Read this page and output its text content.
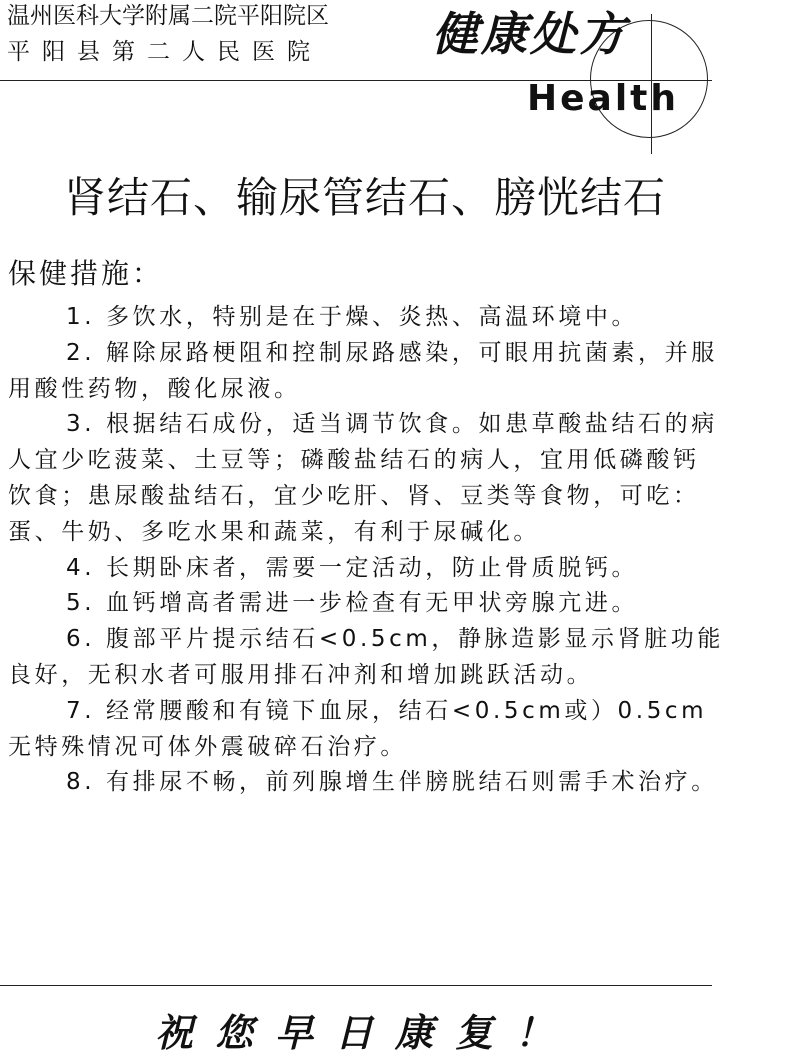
温州医科大学附属二院平阳院区
平阳县第二人民医院 健康处方
Health
肾结石、输尿管结石、膀恍结石
保健措施：

1. 多饮水，特别是在于燥、炎热、高温环境中。

2. 解除尿路梗阻和控制尿路感染，可眼用抗菌素，并服用酸性药物，酸化尿液。

3. 根据结石成份，适当调节饮食。如患草酸盐结石的病人宜少吃菠菜、土豆等；磷酸盐结石的病人，宜用低磷酸钙饮食；患尿酸盐结石，宜少吃肝、肾、豆类等食物，可吃：蛋、牛奶、多吃水果和蔬菜，有利于尿碱化。

4. 长期卧床者，需要一定活动，防止骨质脱钙。

5. 血钙增高者需进一步检查有无甲状旁腺亢进。

6. 腹部平片提示结石<0.5cm，静脉造影显示肾脏功能良好，无积水者可服用排石冲剂和增加跳跃活动。

7. 经常腰酸和有镜下血尿，结石<0.5cm或）0.5cm无特殊情况可体外震破碎石治疗。

8. 有排尿不畅，前列腺增生伴膀胱结石则需手术治疗。

祝您早日康复！
